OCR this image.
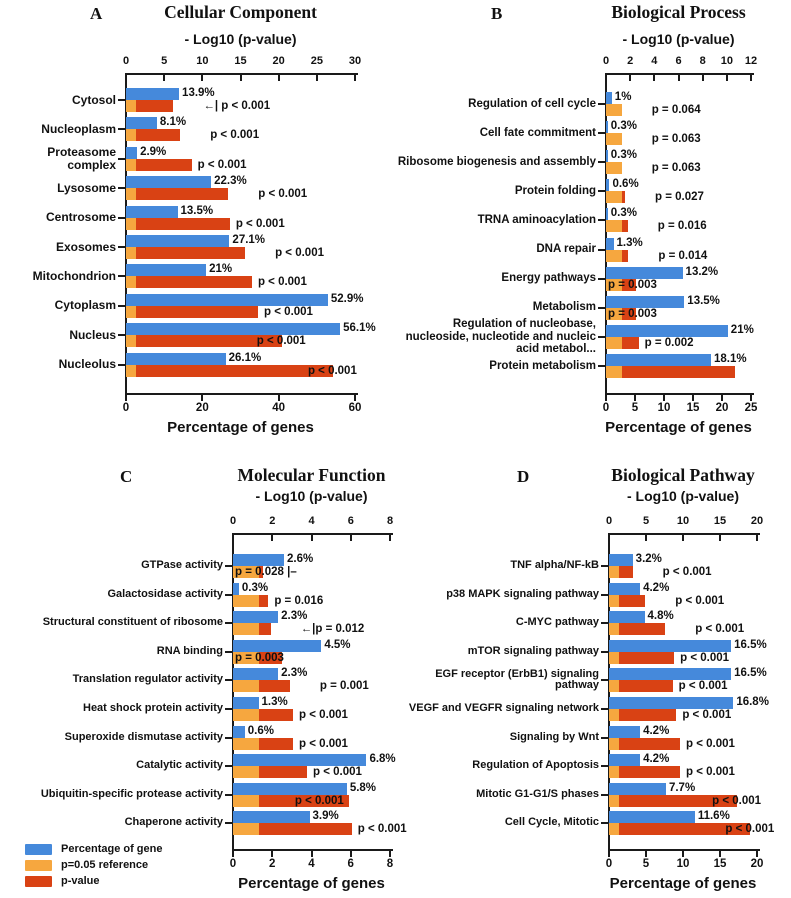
A	Cellular Component
- Log10 (p-value)
0	5	10	15	20	25	30
0	20	40	60
Percentage of genes
Cytosol	13.9%
←| p < 0.001
Nucleoplasm	8.1%
p < 0.001
Proteasome complex
2.9%
p < 0.001
Lysosome	22.3%
p < 0.001
Centrosome	13.5%
p < 0.001
Exosomes	27.1%
p < 0.001
Mitochondrion	21%
p < 0.001
Cytoplasm	52.9%
p < 0.001
Nucleus	56.1%
p < 0.001
Nucleolus	26.1%
p < 0.001
B	Biological Process
- Log10 (p-value)
0	2	4	6	8	10	12
0	5	10	15	20	25
Percentage of genes
Regulation of cell cycle
1%
p = 0.064
Cell fate commitment
0.3%
p = 0.063
Ribosome biogenesis and assembly
0.3%
p = 0.063
Protein folding
0.6%
p = 0.027
TRNA aminoacylation
0.3%
p = 0.016
DNA repair
1.3%
p = 0.014
Energy pathways
13.2%
p = 0.003
Metabolism
13.5%
p = 0.003
Regulation of nucleobase, nucleoside, nucleotide and nucleic acid metabol...
21%
p = 0.002
Protein metabolism
18.1%
C	Molecular Function
- Log10 (p-value)
0	2	4	6	8
0	2	4	6	8
Percentage of genes
GTPase activity
2.6%
p = 0.028 |–
Galactosidase activity
0.3%
p = 0.016
Structural constituent of ribosome
2.3%
←|p = 0.012
RNA binding
4.5%
p = 0.003
Translation regulator activity
2.3%
p = 0.001
Heat shock protein activity
1.3%
p < 0.001
Superoxide dismutase activity
0.6%
p < 0.001
Catalytic activity
6.8%
p < 0.001
Ubiquitin-specific protease activity
5.8%
p < 0.001
Chaperone activity
3.9%
p < 0.001
D	Biological Pathway
- Log10 (p-value)
0	5	10	15	20
0	5	10	15	20
Percentage of genes
TNF alpha/NF-kB
3.2%
p < 0.001
p38 MAPK signaling pathway
4.2%
p < 0.001
C-MYC pathway
4.8%
p < 0.001
mTOR signaling pathway
16.5%
p < 0.001
EGF receptor (ErbB1) signaling pathway
16.5%
p < 0.001
VEGF and VEGFR signaling network
16.8%
p < 0.001
Signaling by Wnt
4.2%
p < 0.001
Regulation of Apoptosis
4.2%
p < 0.001
Mitotic G1-G1/S phases
7.7%
p < 0.001
Cell Cycle, Mitotic
11.6%
p < 0.001
Percentage of gene
p=0.05 reference
p-value
